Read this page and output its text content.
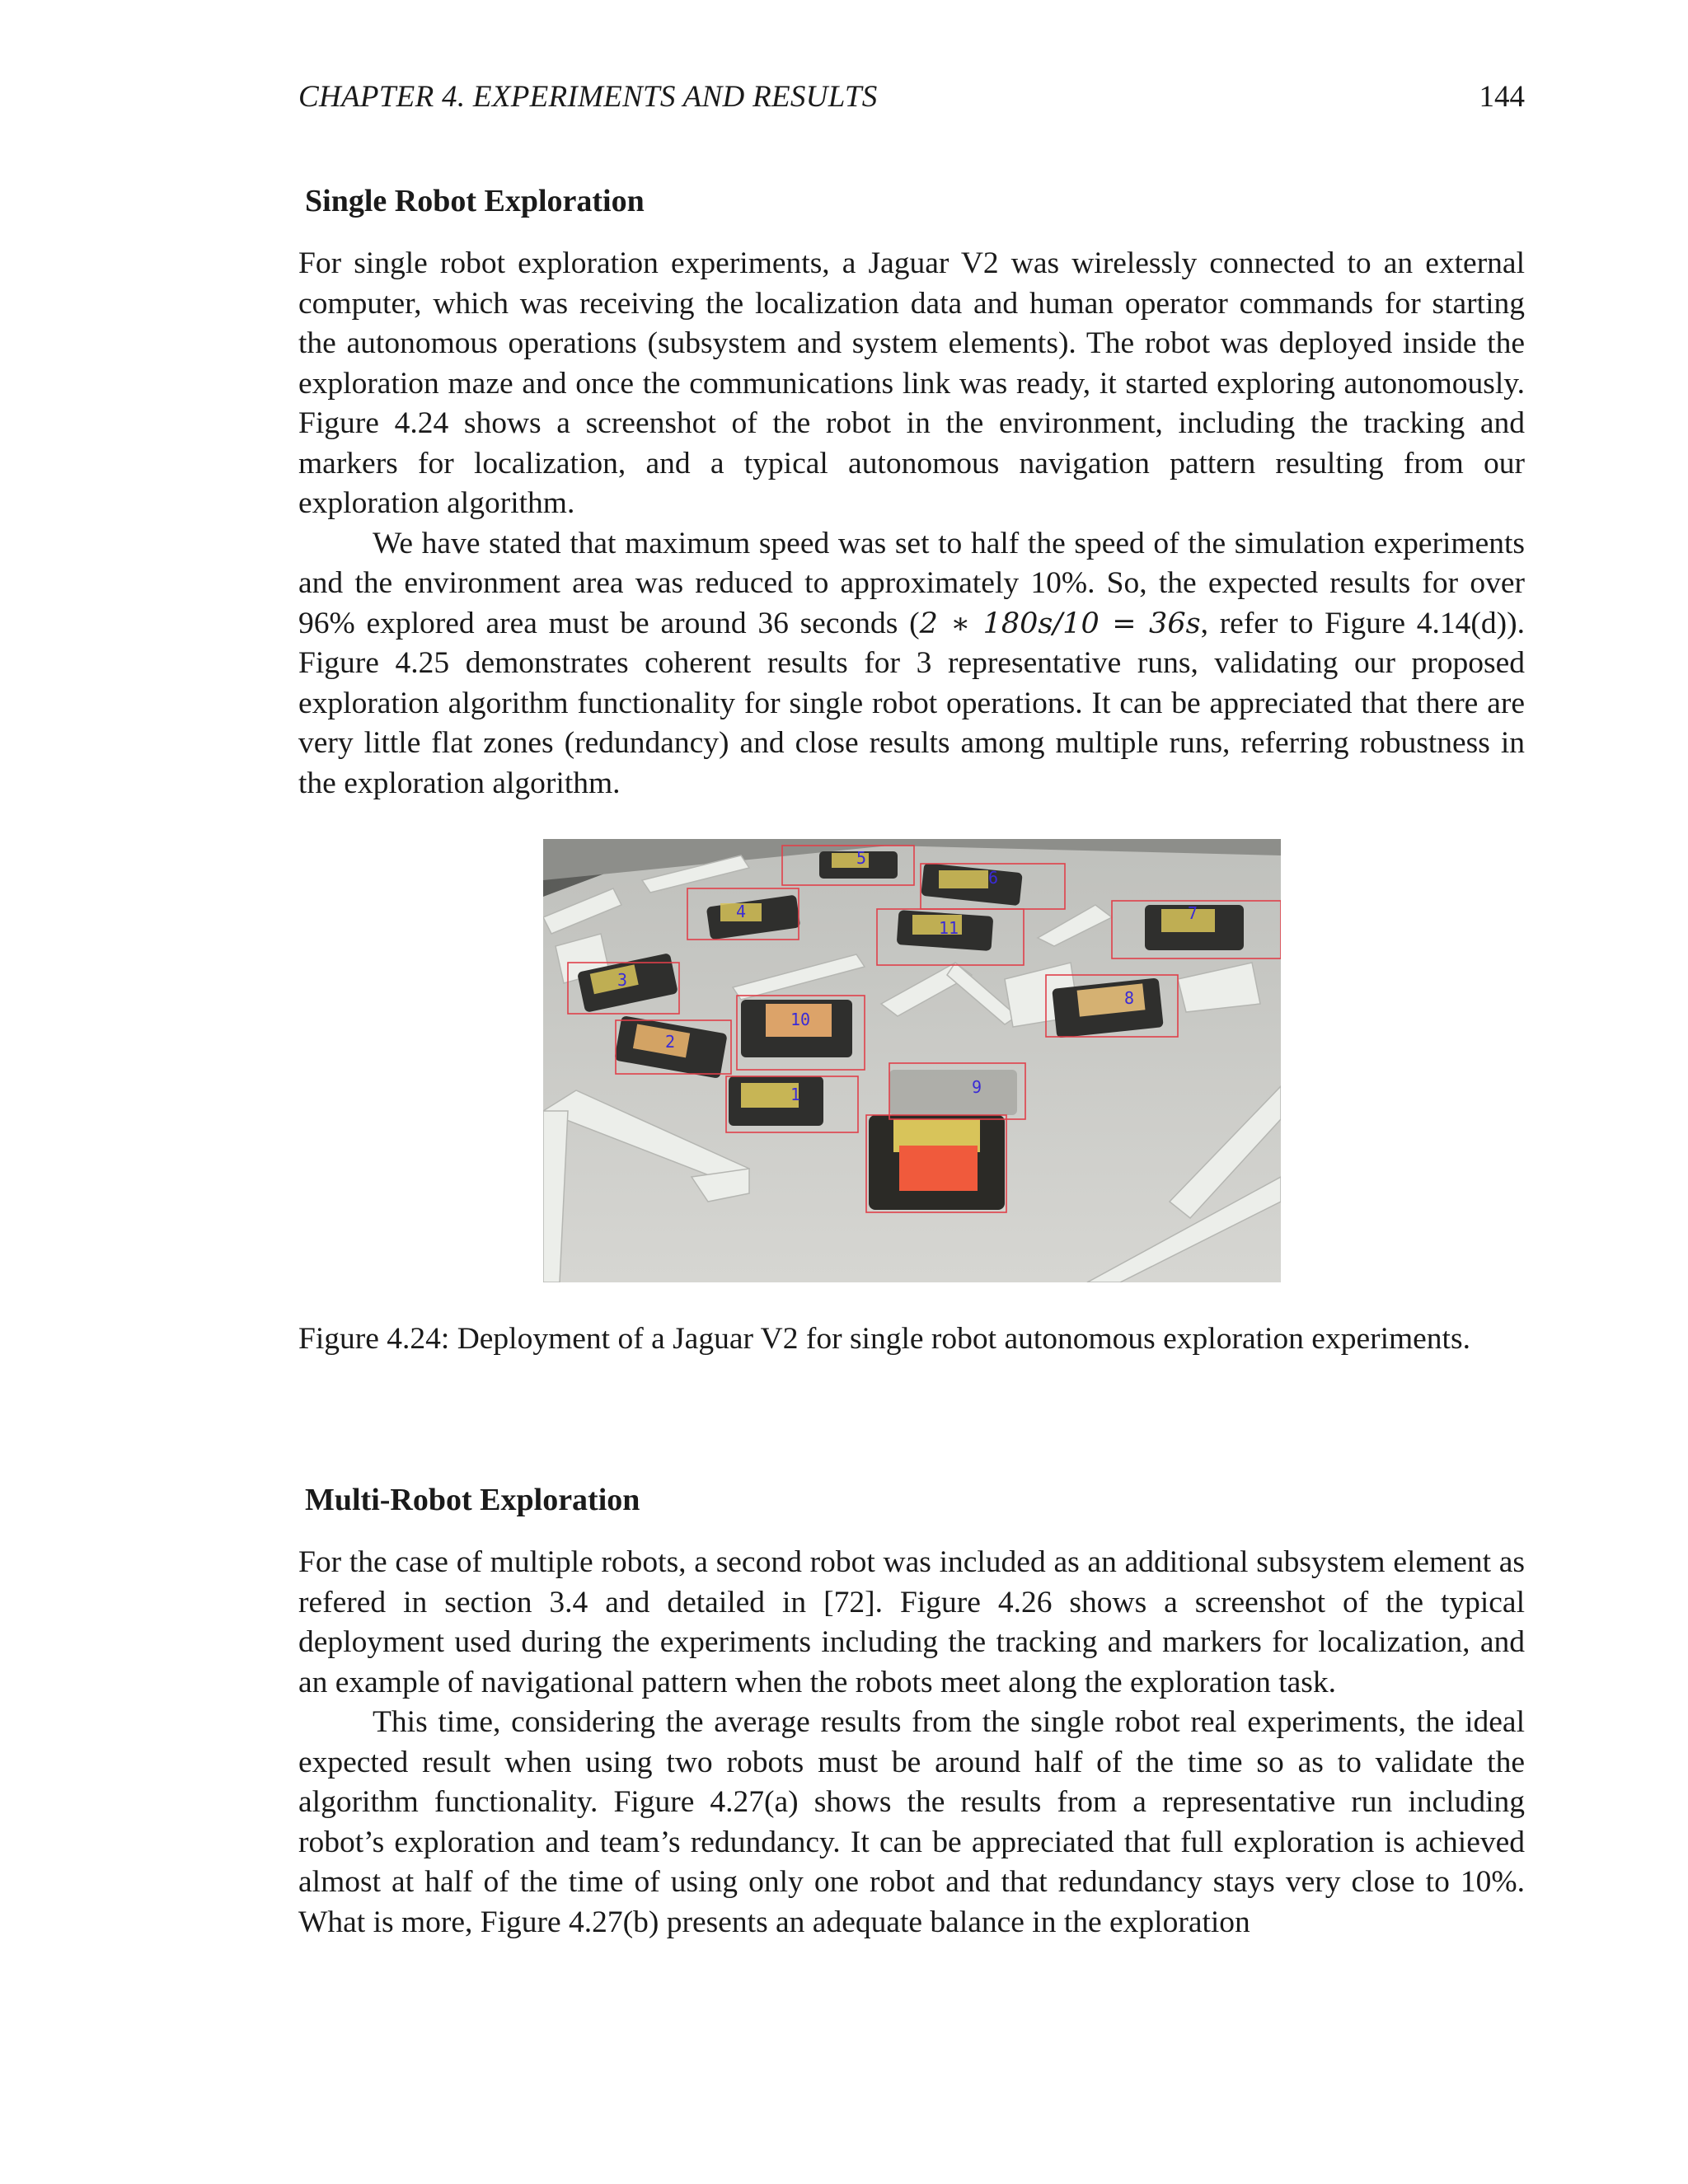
CHAPTER 4. EXPERIMENTS AND RESULTS	144
Single Robot Exploration

For single robot exploration experiments, a Jaguar V2 was wirelessly connected to an external computer, which was receiving the localization data and human operator commands for starting the autonomous operations (subsystem and system elements). The robot was deployed inside the exploration maze and once the communications link was ready, it started exploring autonomously. Figure 4.24 shows a screenshot of the robot in the environment, including the tracking and markers for localization, and a typical autonomous navigation pattern resulting from our exploration algorithm.

We have stated that maximum speed was set to half the speed of the simulation experiments and the environment area was reduced to approximately 10%. So, the expected results for over 96% explored area must be around 36 seconds (2 ∗ 180s/10 = 36s, refer to Figure 4.14(d)). Figure 4.25 demonstrates coherent results for 3 representative runs, validating our proposed exploration algorithm functionality for single robot operations. It can be appreciated that there are very little flat zones (redundancy) and close results among multiple runs, referring robustness in the exploration algorithm.

1
2
3
4
5
6
7
8
9
10
11

Figure 4.24: Deployment of a Jaguar V2 for single robot autonomous exploration experiments.

Multi-Robot Exploration

For the case of multiple robots, a second robot was included as an additional subsystem element as refered in section 3.4 and detailed in [72]. Figure 4.26 shows a screenshot of the typical deployment used during the experiments including the tracking and markers for localization, and an example of navigational pattern when the robots meet along the exploration task.

This time, considering the average results from the single robot real experiments, the ideal expected result when using two robots must be around half of the time so as to validate the algorithm functionality. Figure 4.27(a) shows the results from a representative run including robot’s exploration and team’s redundancy. It can be appreciated that full exploration is achieved almost at half of the time of using only one robot and that redundancy stays very close to 10%. What is more, Figure 4.27(b) presents an adequate balance in the exploration
